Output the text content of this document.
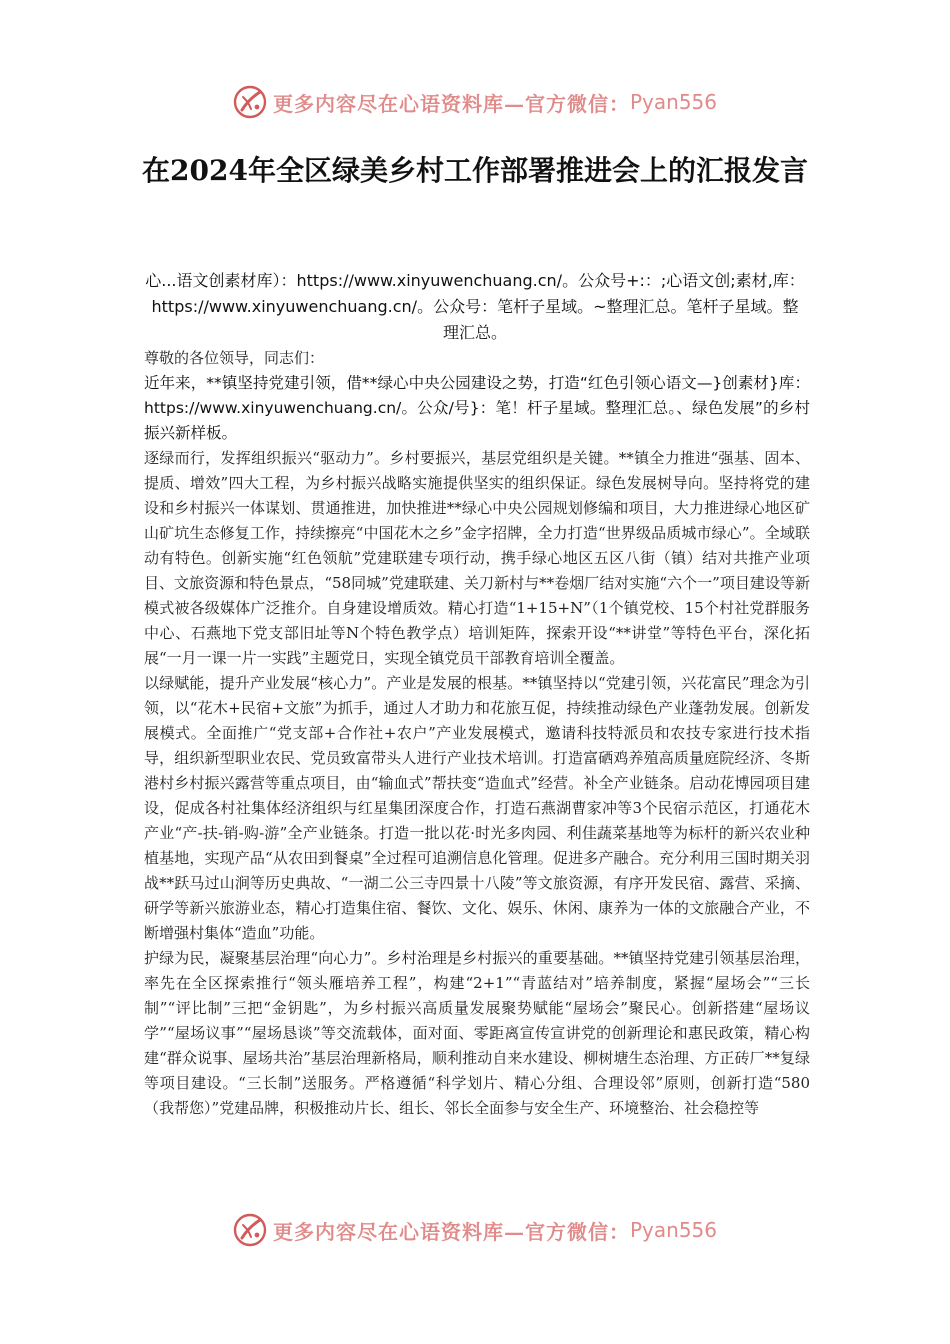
更多内容尽在心语资料库—官方微信： Pyan556
在2024年全区绿美乡村工作部署推进会上的汇报发言
心...语文创素材库）：https://www.xinyuwenchuang.cn/。公众号+:：;心语文创;素材,库：https://www.xinyuwenchuang.cn/。公众号：笔杆子星域。~整理汇总。笔杆子星域。整理汇总。

尊敬的各位领导，同志们：

近年来，**镇坚持党建引领，借**绿心中央公园建设之势，打造“红色引领心语文—}创素材}库：https://www.xinyuwenchuang.cn/。公众/号}：笔！杆子星域。整理汇总。、绿色发展”的乡村振兴新样板。

逐绿而行，发挥组织振兴“驱动力”。乡村要振兴，基层党组织是关键。**镇全力推进“强基、固本、提质、增效”四大工程，为乡村振兴战略实施提供坚实的组织保证。绿色发展树导向。坚持将党的建设和乡村振兴一体谋划、贯通推进，加快推进**绿心中央公园规划修编和项目，大力推进绿心地区矿山矿坑生态修复工作，持续擦亮“中国花木之乡”金字招牌，全力打造“世界级品质城市绿心”。全域联动有特色。创新实施“红色领航”党建联建专项行动，携手绿心地区五区八街（镇）结对共推产业项目、文旅资源和特色景点，“58同城”党建联建、关刀新村与**卷烟厂结对实施“六个一”项目建设等新模式被各级媒体广泛推介。自身建设增质效。精心打造“1+15+N”（1个镇党校、15个村社党群服务中心、石燕地下党支部旧址等N个特色教学点）培训矩阵，探索开设“**讲堂”等特色平台，深化拓展“一月一课一片一实践”主题党日，实现全镇党员干部教育培训全覆盖。

以绿赋能，提升产业发展“核心力”。产业是发展的根基。**镇坚持以“党建引领，兴花富民”理念为引领，以“花木+民宿+文旅”为抓手，通过人才助力和花旅互促，持续推动绿色产业蓬勃发展。创新发展模式。全面推广“党支部+合作社+农户”产业发展模式，邀请科技特派员和农技专家进行技术指导，组织新型职业农民、党员致富带头人进行产业技术培训。打造富硒鸡养殖高质量庭院经济、冬斯港村乡村振兴露营等重点项目，由“输血式”帮扶变“造血式”经营。补全产业链条。启动花博园项目建设，促成各村社集体经济组织与红星集团深度合作，打造石燕湖曹家冲等3个民宿示范区，打通花木产业“产-扶-销-购-游”全产业链条。打造一批以花·时光多肉园、利佳蔬菜基地等为标杆的新兴农业种植基地，实现产品“从农田到餐桌”全过程可追溯信息化管理。促进多产融合。充分利用三国时期关羽战**跃马过山涧等历史典故、“一湖二公三寺四景十八陵”等文旅资源，有序开发民宿、露营、采摘、研学等新兴旅游业态，精心打造集住宿、餐饮、文化、娱乐、休闲、康养为一体的文旅融合产业，不断增强村集体“造血”功能。

护绿为民，凝聚基层治理“向心力”。乡村治理是乡村振兴的重要基础。**镇坚持党建引领基层治理，率先在全区探索推行“领头雁培养工程”，构建“2+1”“青蓝结对”培养制度，紧握“屋场会”“三长制”“评比制”三把“金钥匙”，为乡村振兴高质量发展聚势赋能“屋场会”聚民心。创新搭建“屋场议学”“屋场议事”“屋场恳谈”等交流载体，面对面、零距离宣传宣讲党的创新理论和惠民政策，精心构建“群众说事、屋场共治”基层治理新格局，顺利推动自来水建设、柳树塘生态治理、方正砖厂**复绿等项目建设。“三长制”送服务。严格遵循“科学划片、精心分组、合理设邻”原则，创新打造“580（我帮您）”党建品牌，积极推动片长、组长、邻长全面参与安全生产、环境整治、社会稳控等

更多内容尽在心语资料库—官方微信： Pyan556
